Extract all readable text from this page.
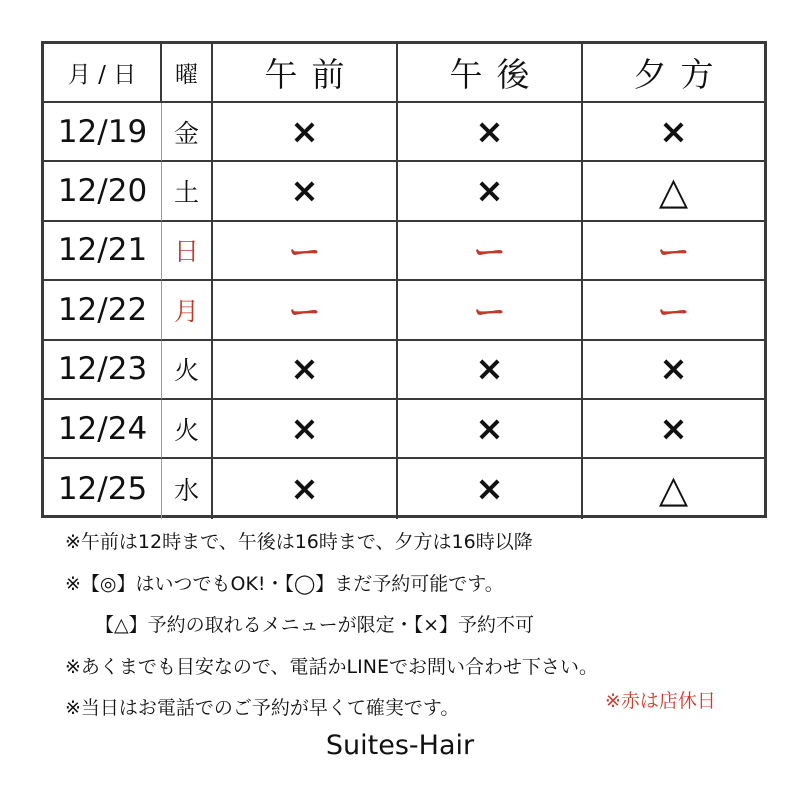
月 / 日	曜	午前	午後	夕方
12/19	金	×	×	×
12/20	土	×	×	△
12/21	日	ー	ー	ー
12/22	月	ー	ー	ー
12/23	火	×	×	×
12/24	火	×	×	×
12/25	水	×	×	△
※午前は12時まで、午後は16時まで、夕方は16時以降
※【◎】はいつでもOK!・【◯】まだ予約可能です。
【△】予約の取れるメニューが限定・【×】予約不可
※あくまでも目安なので、電話かLINEでお問い合わせ下さい。
※当日はお電話でのご予約が早くて確実です。	※赤は店休日
Suites-Hair
